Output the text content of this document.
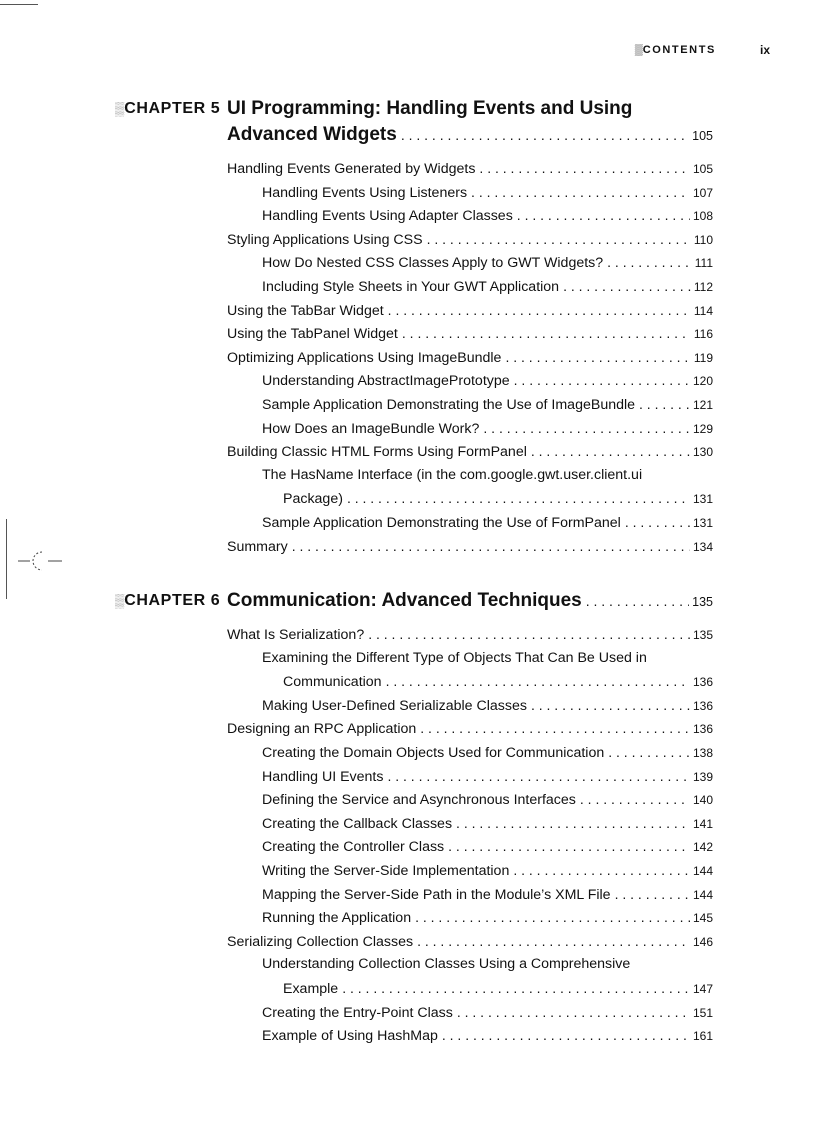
▒CONTENTS	ix
▒CHAPTER 5 UI Programming: Handling Events and Using
Advanced Widgets . . .	105
Handling Events Generated by Widgets . . .	105
Handling Events Using Listeners . . .	107
Handling Events Using Adapter Classes . . .	108
Styling Applications Using CSS . . .	110
How Do Nested CSS Classes Apply to GWT Widgets? . . .	111
Including Style Sheets in Your GWT Application . . .	112
Using the TabBar Widget . . .	114
Using the TabPanel Widget . . .	116
Optimizing Applications Using ImageBundle . . .	119
Understanding AbstractImagePrototype . . .	120
Sample Application Demonstrating the Use of ImageBundle . . .	121
How Does an ImageBundle Work? . . .	129
Building Classic HTML Forms Using FormPanel . . .	130
The HasName Interface (in the com.google.gwt.user.client.ui
Package) . . .	131
Sample Application Demonstrating the Use of FormPanel . . .	131
Summary . . .	134
▒CHAPTER 6 Communication: Advanced Techniques . . .	135
What Is Serialization? . . .	135
Examining the Different Type of Objects That Can Be Used in
Communication . . .	136
Making User-Defined Serializable Classes . . .	136
Designing an RPC Application . . .	136
Creating the Domain Objects Used for Communication . . .	138
Handling UI Events . . .	139
Defining the Service and Asynchronous Interfaces . . .	140
Creating the Callback Classes . . .	141
Creating the Controller Class . . .	142
Writing the Server-Side Implementation . . .	144
Mapping the Server-Side Path in the Module’s XML File . . .	144
Running the Application . . .	145
Serializing Collection Classes . . .	146
Understanding Collection Classes Using a Comprehensive
Example . . .	147
Creating the Entry-Point Class . . .	151
Example of Using HashMap . . .	161
